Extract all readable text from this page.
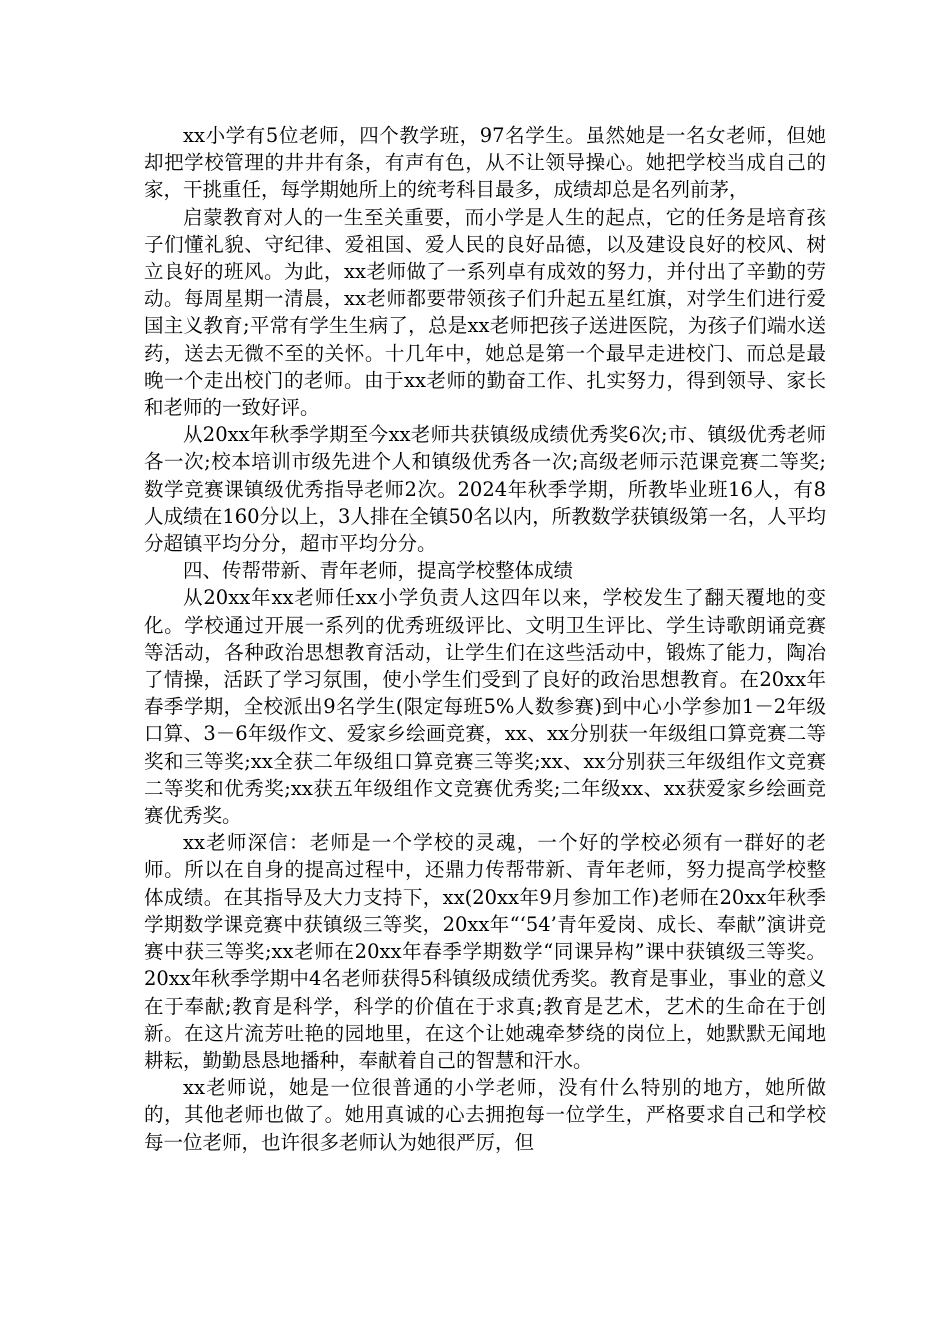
xx小学有5位老师，四个教学班，97名学生。虽然她是一名女老师，但她却把学校管理的井井有条，有声有色，从不让领导操心。她把学校当成自己的家，干挑重任，每学期她所上的统考科目最多，成绩却总是名列前茅，

启蒙教育对人的一生至关重要，而小学是人生的起点，它的任务是培育孩子们懂礼貌、守纪律、爱祖国、爱人民的良好品德，以及建设良好的校风、树立良好的班风。为此，xx老师做了一系列卓有成效的努力，并付出了辛勤的劳动。每周星期一清晨，xx老师都要带领孩子们升起五星红旗，对学生们进行爱国主义教育;平常有学生生病了，总是xx老师把孩子送进医院，为孩子们端水送药，送去无微不至的关怀。十几年中，她总是第一个最早走进校门、而总是最晚一个走出校门的老师。由于xx老师的勤奋工作、扎实努力，得到领导、家长和老师的一致好评。

从20xx年秋季学期至今xx老师共获镇级成绩优秀奖6次;市、镇级优秀老师各一次;校本培训市级先进个人和镇级优秀各一次;高级老师示范课竞赛二等奖;数学竞赛课镇级优秀指导老师2次。2024年秋季学期，所教毕业班16人，有8人成绩在160分以上，3人排在全镇50名以内，所教数学获镇级第一名，人平均分超镇平均分分，超市平均分分。

四、传帮带新、青年老师，提高学校整体成绩

从20xx年xx老师任xx小学负责人这四年以来，学校发生了翻天覆地的变化。学校通过开展一系列的优秀班级评比、文明卫生评比、学生诗歌朗诵竞赛等活动，各种政治思想教育活动，让学生们在这些活动中，锻炼了能力，陶冶了情操，活跃了学习氛围，使小学生们受到了良好的政治思想教育。在20xx年春季学期，全校派出9名学生(限定每班5%人数参赛)到中心小学参加1－2年级口算、3－6年级作文、爱家乡绘画竞赛，xx、xx分别获一年级组口算竞赛二等奖和三等奖;xx全获二年级组口算竞赛三等奖;xx、xx分别获三年级组作文竞赛二等奖和优秀奖;xx获五年级组作文竞赛优秀奖;二年级xx、xx获爱家乡绘画竞赛优秀奖。

xx老师深信：老师是一个学校的灵魂，一个好的学校必须有一群好的老师。所以在自身的提高过程中，还鼎力传帮带新、青年老师，努力提高学校整体成绩。在其指导及大力支持下，xx(20xx年9月参加工作)老师在20xx年秋季学期数学课竞赛中获镇级三等奖，20xx年“‘54’青年爱岗、成长、奉献”演讲竞赛中获三等奖;xx老师在20xx年春季学期数学“同课异构”课中获镇级三等奖。20xx年秋季学期中4名老师获得5科镇级成绩优秀奖。教育是事业，事业的意义在于奉献;教育是科学，科学的价值在于求真;教育是艺术，艺术的生命在于创新。在这片流芳吐艳的园地里，在这个让她魂牵梦绕的岗位上，她默默无闻地耕耘，勤勤恳恳地播种，奉献着自己的智慧和汗水。

xx老师说，她是一位很普通的小学老师，没有什么特别的地方，她所做的，其他老师也做了。她用真诚的心去拥抱每一位学生，严格要求自己和学校每一位老师，也许很多老师认为她很严厉，但
